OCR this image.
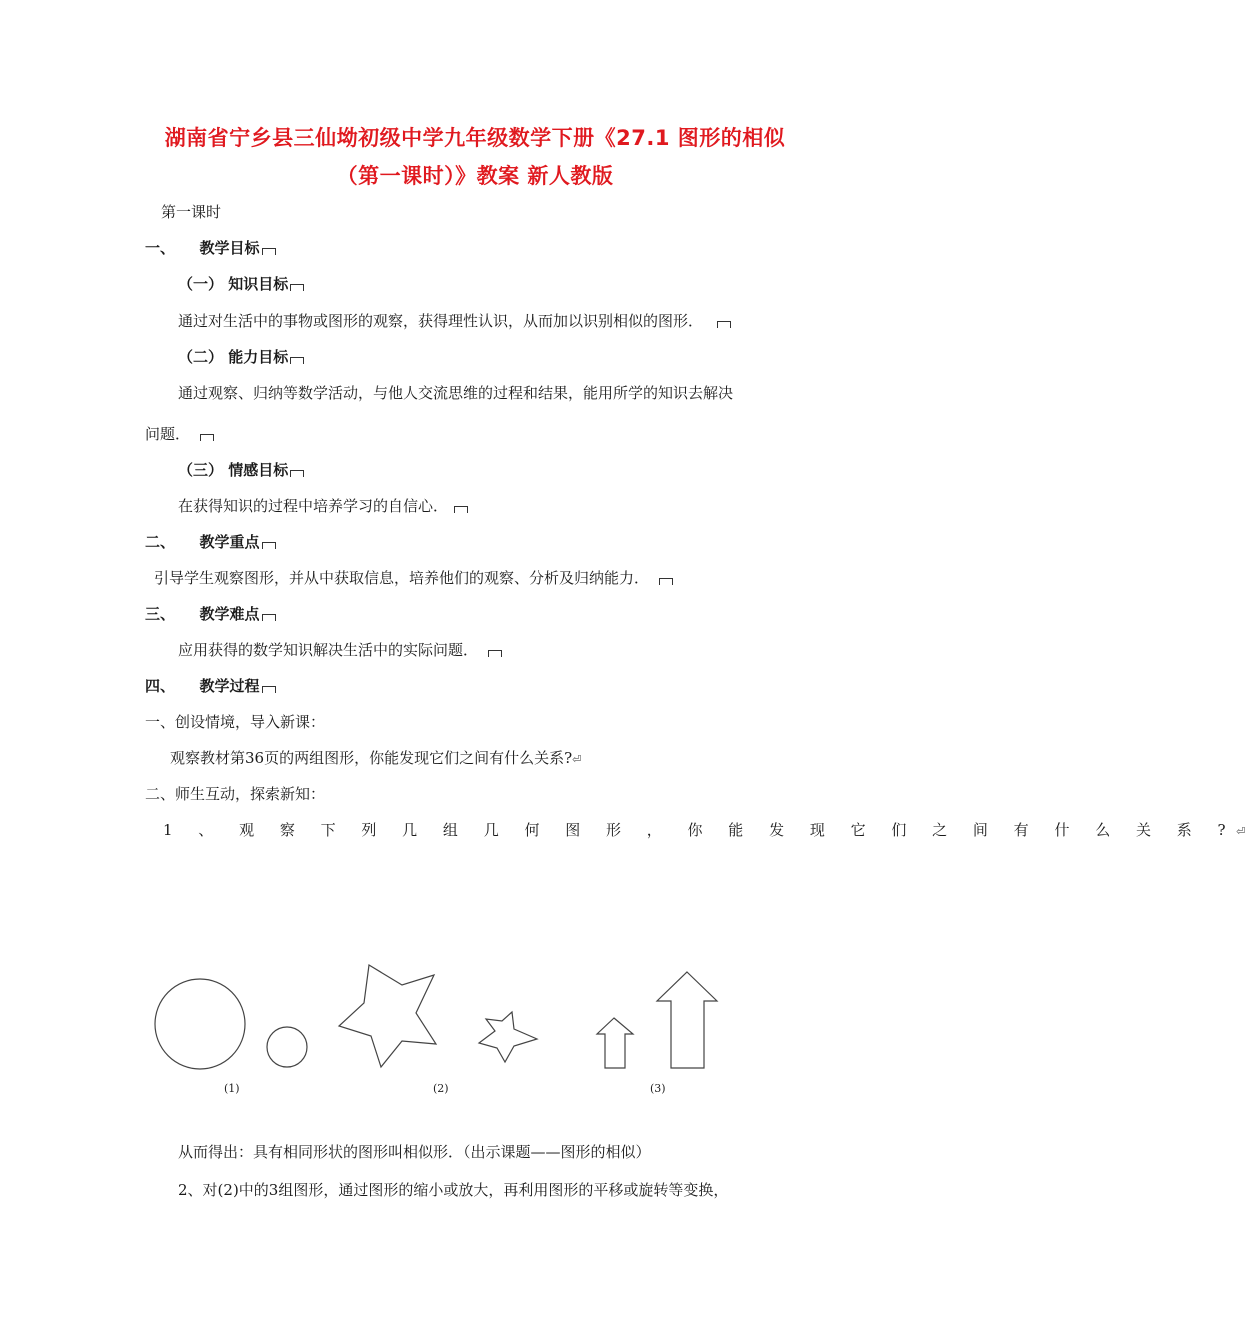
湖南省宁乡县三仙坳初级中学九年级数学下册《27.1 图形的相似
（第一课时）》教案 新人教版
第一课时
一、 教学目标
（一） 知识目标
通过对生活中的事物或图形的观察，获得理性认识，从而加以识别相似的图形．
（二） 能力目标
通过观察、归纳等数学活动，与他人交流思维的过程和结果，能用所学的知识去解决
问题．
（三） 情感目标
在获得知识的过程中培养学习的自信心．
二、 教学重点
引导学生观察图形，并从中获取信息，培养他们的观察、分析及归纳能力．
三、 教学难点
应用获得的数学知识解决生活中的实际问题．
四、 教学过程
一、创设情境，导入新课：
观察教材第36页的两组图形，你能发现它们之间有什么关系?⏎
二、师生互动，探索新知：
1 、 观 察 下 列 几 组 几 何 图 形 ， 你 能 发 现 它 们 之 间 有 什 么 关 系 ?⏎
(1)	(2)	(3)
从而得出：具有相同形状的图形叫相似形．（出示课题——图形的相似）
2、对(2)中的3组图形，通过图形的缩小或放大，再利用图形的平移或旋转等变换，
